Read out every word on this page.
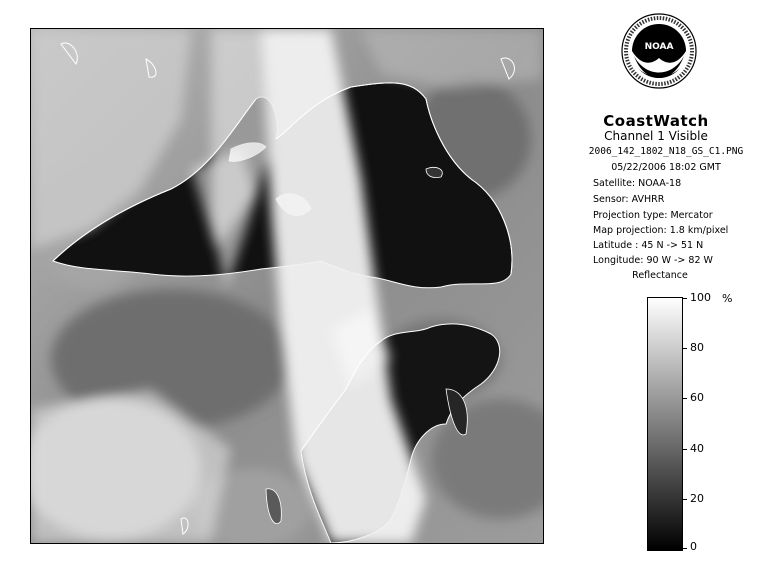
NOAA
CoastWatch
Channel 1 Visible
2006_142_1802_N18_GS_C1.PNG
05/22/2006 18:02 GMT
Satellite: NOAA-18
Sensor: AVHRR
Projection type: Mercator
Map projection: 1.8 km/pixel
Latitude : 45 N -> 51 N
Longitude: 90 W -> 82 W
Reflectance
%
100
80
60
40
20
0
